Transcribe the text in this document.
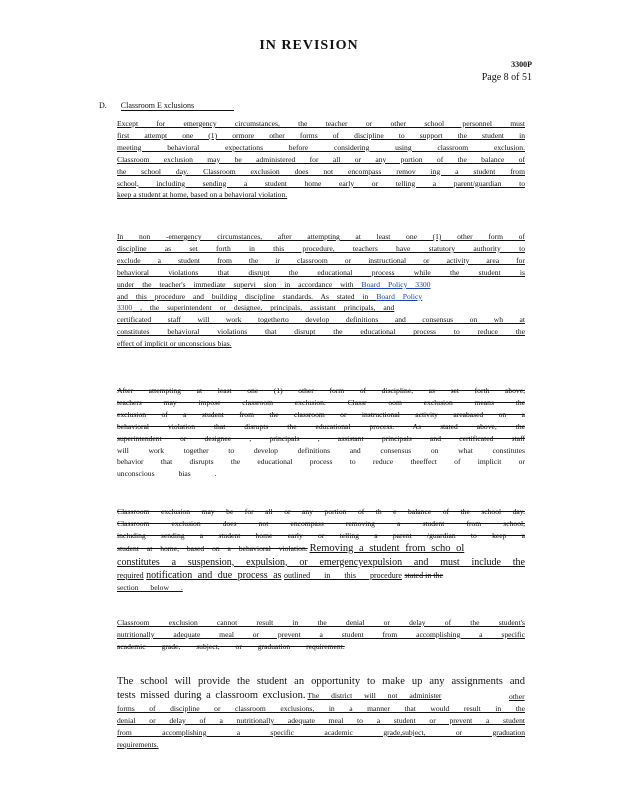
IN REVISION
3300P
Page 8 of 51
D. Classroom E xclusions
Except for emergency circumstances, the teacher or other school personnel must
first attempt one (1) ormore other forms of discipline to support the student in
meeting behavioral expectations before considering using classroom exclusion.
Classroom exclusion may be administered for all or any portion of the balance of
the school day. Classroom exclusion does not encompass remov ing a student from
school, including sending a student home early or telling a parent/guardian to
keep a student at home, based on a behavioral violation.
In non -emergency circumstances, after attempting at least one (1) other form of
discipline as set forth in this procedure, teachers have statutory authority to
exclude a student from the ir classroom or instructional or activity area for
behavioral violations that disrupt the educational process while the student is
under the teacher's immediate supervi sion in accordance with Board Policy 3300
and this procedure and building discipline standards. As stated in Board Policy
3300 , the superintendent or designee, principals, assistant principals, and
certificated staff will work togetherto develop definitions and consensus on wh at
constitutes behavioral violations that disrupt the educational process to reduce the
effect of implicit or unconscious bias.
After attempting at least one (1) other form of discipline, as set forth above,
teachers may impose classroom exclusion. Classr oom exclusion means the
exclusion of a student from the classroom or instructional activity areabased on a
behavioral violation that disrupts the educational process. As stated above, the
superintendent or designee , principals , assistant principals and certificated staff
will work together to develop definitions and consensus on what constitutes
behavior that disrupts the educational process to reduce theeffect of implicit or
unconscious bias .
Classroom exclusion may be for all or any portion of th e balance of the school day.
Classroom exclusion does not encompass removing a student from school,
including sending a student home early or telling a parent /guardian to keep a
student at home, based on a behavioral violation. Removing a student from scho ol
constitutes a suspension, expulsion, or emergencyexpulsion and must include the
required notification and due process as outlined in this procedure stated in the
section below .
Classroom exclusion cannot result in the denial or delay of the student's
nutritionally adequate meal or prevent a student from accomplishing a specific
academic grade, subject, or graduation requirement.
The school will provide the student an opportunity to make up any assignments and
tests missed during a classroom exclusion. The district will not administer	other
forms of discipline or classroom exclusions, in a manner that would result in the
denial or delay of a nutritionally adequate meal to a student or prevent a student
from accomplishing a specific academic grade,subject, or graduation
requirements.
